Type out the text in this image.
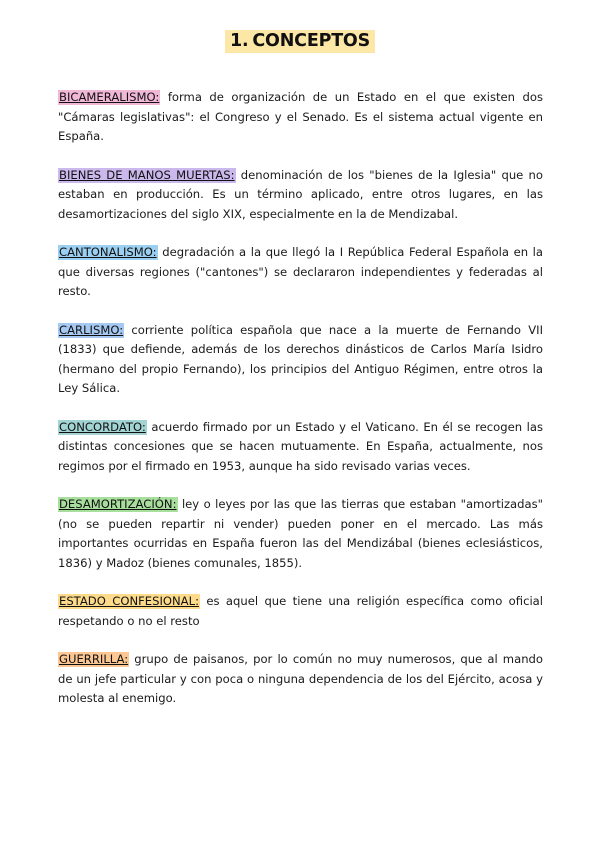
1. CONCEPTOS

BICAMERALISMO: forma de organización de un Estado en el que existen dos "Cámaras legislativas": el Congreso y el Senado. Es el sistema actual vigente en España.

BIENES DE MANOS MUERTAS: denominación de los "bienes de la Iglesia" que no estaban en producción. Es un término aplicado, entre otros lugares, en las desamortizaciones del siglo XIX, especialmente en la de Mendizabal.

CANTONALISMO: degradación a la que llegó la I República Federal Española en la que diversas regiones ("cantones") se declararon independientes y federadas al resto.

CARLISMO: corriente política española que nace a la muerte de Fernando VII (1833) que defiende, además de los derechos dinásticos de Carlos María Isidro (hermano del propio Fernando), los principios del Antiguo Régimen, entre otros la Ley Sálica.

CONCORDATO: acuerdo firmado por un Estado y el Vaticano. En él se recogen las distintas concesiones que se hacen mutuamente. En España, actualmente, nos regimos por el firmado en 1953, aunque ha sido revisado varias veces.

DESAMORTIZACIÓN: ley o leyes por las que las tierras que estaban "amortizadas" (no se pueden repartir ni vender) pueden poner en el mercado. Las más importantes ocurridas en España fueron las del Mendizábal (bienes eclesiásticos, 1836) y Madoz (bienes comunales, 1855).

ESTADO CONFESIONAL: es aquel que tiene una religión específica como oficial respetando o no el resto

GUERRILLA: grupo de paisanos, por lo común no muy numerosos, que al mando de un jefe particular y con poca o ninguna dependencia de los del Ejército, acosa y molesta al enemigo.
